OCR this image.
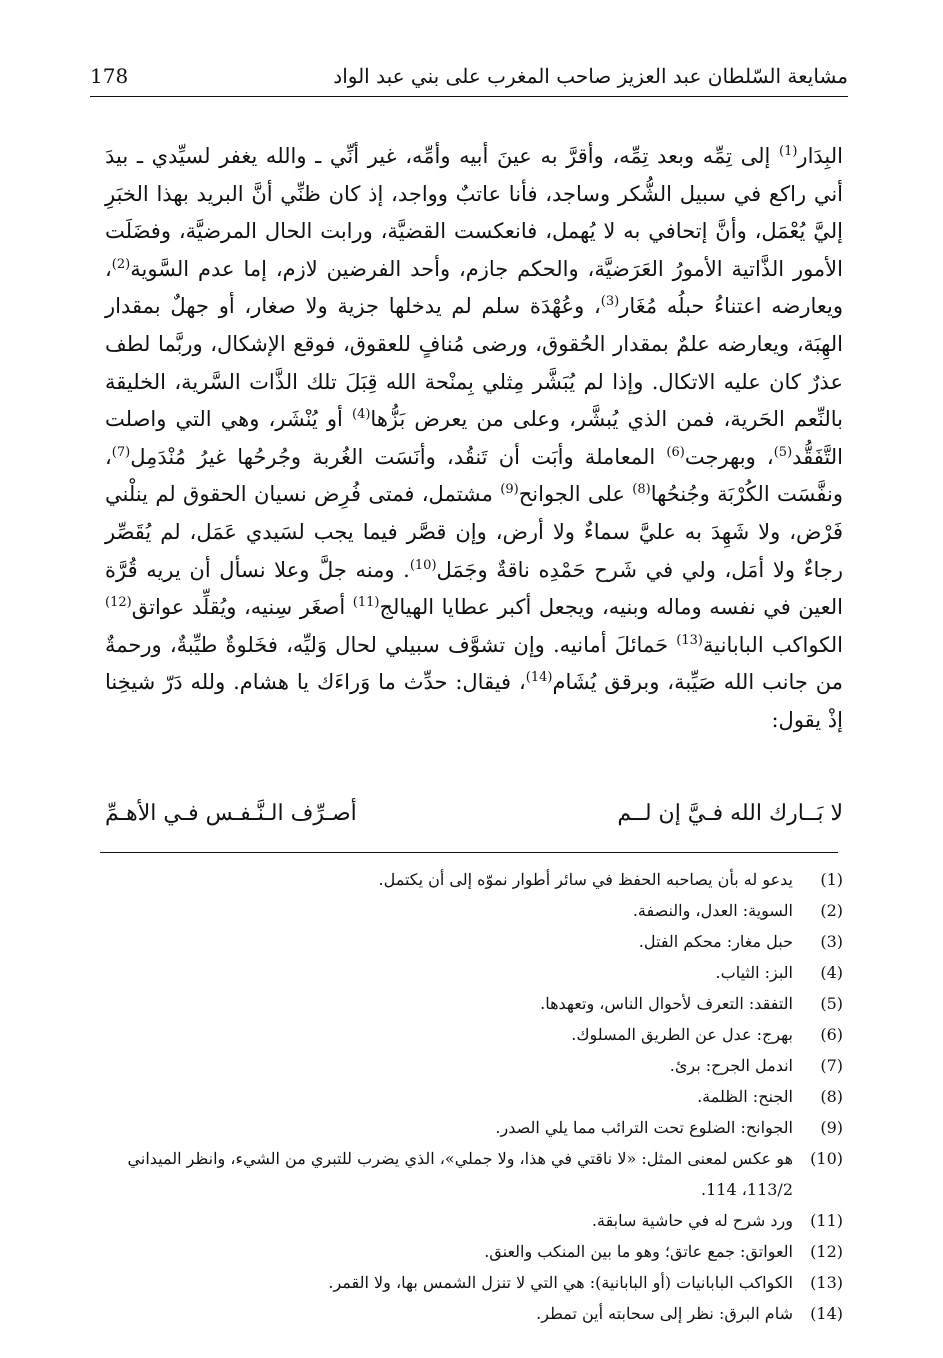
مشايعة السّلطان عبد العزيز صاحب المغرب على بني عبد الواد
178

البِدَار$^{(1)}$ إلى تِمِّه وبعد تِمِّه، وأقرَّ به عينَ أبيه وأمِّه، غير أنِّي ـ والله يغفر لسيِّدي ـ بيدَ أني راكع في سبيل الشُّكر وساجد، فأنا عاتبٌ وواجد، إذ كان ظنِّي أنَّ البريد بهذا الخبَرِ إليَّ يُعْمَل، وأنَّ إتحافي به لا يُهمل، فانعكست القضيَّة، ورابت الحال المرضيَّة، وفضَلَت الأمور الذَّاتية الأمورُ العَرَضيَّة، والحكم جازم، وأحد الفرضين لازم، إما عدم السَّوية$^{(2)}$، ويعارضه اعتناءُ حبلُه مُغَار$^{(3)}$، وعُهْدَة سلم لم يدخلها جزية ولا صغار، أو جهلٌ بمقدار الهِبَة، ويعارضه علمٌ بمقدار الحُقوق، ورضى مُنافٍ للعقوق، فوقع الإشكال، وربَّما لطف عذرٌ كان عليه الاتكال. وإذا لم يُبَشَّر مِثلي بِمنْحة الله قِبَلَ تلك الذَّات السَّرية، الخليقة بالنِّعم الحَرية، فمن الذي يُبشَّر، وعلى من يعرض بَزُّها$^{(4)}$ أو يُنْشَر، وهي التي واصلت التَّفَقُّد$^{(5)}$، وبهرجت$^{(6)}$ المعاملة وأبَت أن تَنقُد، وأنَسَت الغُربة وجُرحُها غيرُ مُنْدَمِل$^{(7)}$، ونفَّسَت الكُرْبَة وجُنحُها$^{(8)}$ على الجوانح$^{(9)}$ مشتمل، فمتى فُرِض نسيان الحقوق لم ينلْني فَرْض، ولا شَهِدَ به عليَّ سماءٌ ولا أرض، وإن قصَّر فيما يجب لسَيدي عَمَل، لم يُقَصِّر رجاءٌ ولا أمَل، ولي في شَرح حَمْدِه ناقةٌ وجَمَل$^{(10)}$. ومنه جلَّ وعلا نسأل أن يريه قُرَّة العين في نفسه وماله وبنيه، ويجعل أكبر عطايا الهيالج$^{(11)}$ أصغَر سِنيه، ويُقلِّد عواتق$^{(12)}$ الكواكب البابانية$^{(13)}$ حَمائلَ أمانيه. وإن تشوَّف سبيلي لحال وَليِّه، فخَلوةٌ طيِّبةٌ، ورحمةٌ من جانب الله صَيِّبة، وبرقق يُشَام$^{(14)}$، فيقال: حدِّث ما وَراءَك يا هشام. ولله دَرّ شيخِنا إذْ يقول:

لا بَــارك الله فـيَّ إن لــم
أصـرِّف الـنَّـفـس فـي الأهـمِّ
(1)
يدعو له بأن يصاحبه الحفظ في سائر أطوار نموّه إلى أن يكتمل.
(2)
السوية: العدل، والنصفة.
(3)
حبل مغار: محكم الفتل.
(4)
البز: الثياب.
(5)
التفقد: التعرف لأحوال الناس، وتعهدها.
(6)
بهرج: عدل عن الطريق المسلوك.
(7)
اندمل الجرح: برئ.
(8)
الجنح: الظلمة.
(9)
الجوانح: الضلوع تحت الترائب مما يلي الصدر.
(10)
هو عكس لمعنى المثل: «لا ناقتي في هذا، ولا جملي»، الذي يضرب للتبري من الشيء، وانظر الميداني 113/2، 114.
(11)
ورد شرح له في حاشية سابقة.
(12)
العواتق: جمع عاتق؛ وهو ما بين المنكب والعنق.
(13)
الكواكب البابانيات (أو البابانية): هي التي لا تنزل الشمس بها، ولا القمر.
(14)
شام البرق: نظر إلى سحابته أين تمطر.
